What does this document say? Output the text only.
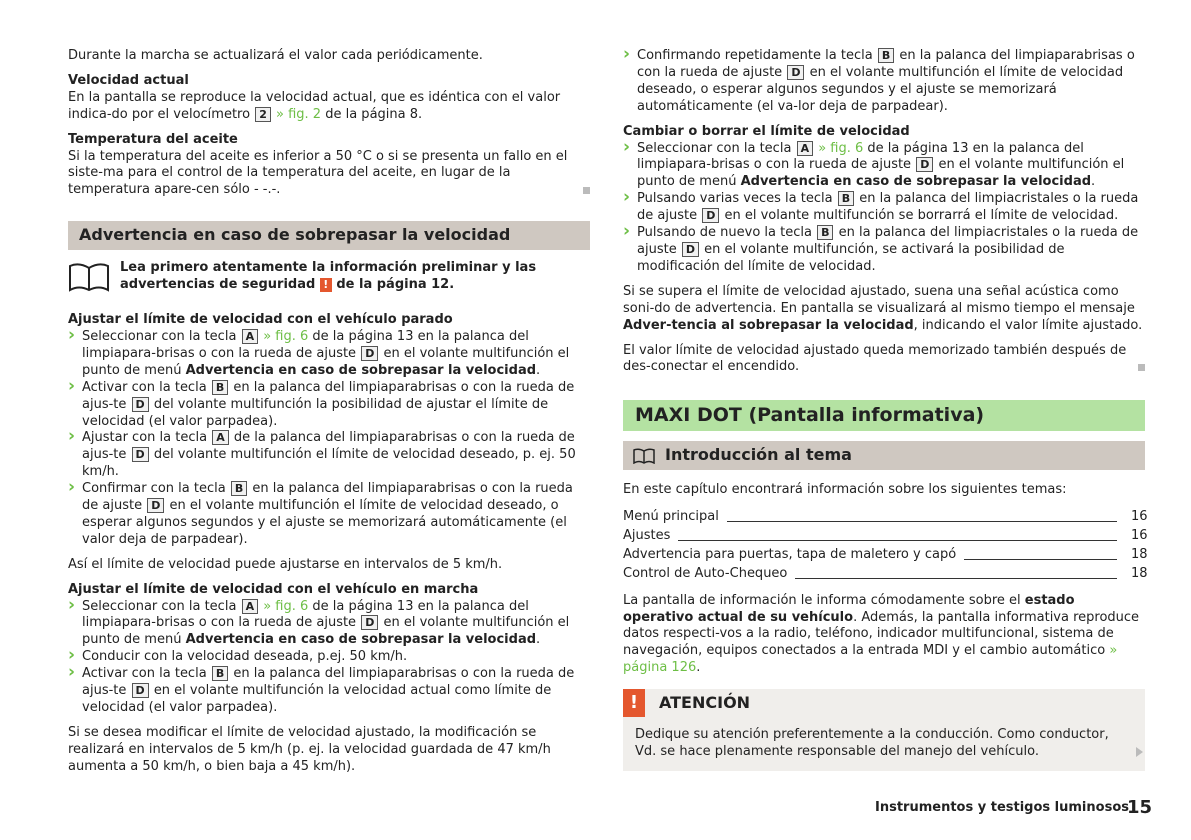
Durante la marcha se actualizará el valor cada periódicamente.

Velocidad actual

En la pantalla se reproduce la velocidad actual, que es idéntica con el valor indica-do por el velocímetro 2 » fig. 2 de la página 8.

Temperatura del aceite

Si la temperatura del aceite es inferior a 50 °C o si se presenta un fallo en el siste-ma para el control de la temperatura del aceite, en lugar de la temperatura apare-cen sólo - -.-.

Advertencia en caso de sobrepasar la velocidad
Lea primero atentamente la información preliminar y las advertencias de seguridad ! de la página 12.

Ajustar el límite de velocidad con el vehículo parado

› Seleccionar con la tecla A » fig. 6 de la página 13 en la palanca del limpiapara-brisas o con la rueda de ajuste D en el volante multifunción el punto de menú Advertencia en caso de sobrepasar la velocidad.
› Activar con la tecla B en la palanca del limpiaparabrisas o con la rueda de ajus-te D del volante multifunción la posibilidad de ajustar el límite de velocidad (el valor parpadea).
› Ajustar con la tecla A de la palanca del limpiaparabrisas o con la rueda de ajus-te D del volante multifunción el límite de velocidad deseado, p. ej. 50 km/h.
› Confirmar con la tecla B en la palanca del limpiaparabrisas o con la rueda de ajuste D en el volante multifunción el límite de velocidad deseado, o esperar algunos segundos y el ajuste se memorizará automáticamente (el valor deja de parpadear).

Así el límite de velocidad puede ajustarse en intervalos de 5 km/h.

Ajustar el límite de velocidad con el vehículo en marcha

› Seleccionar con la tecla A » fig. 6 de la página 13 en la palanca del limpiapara-brisas o con la rueda de ajuste D en el volante multifunción el punto de menú Advertencia en caso de sobrepasar la velocidad.
› Conducir con la velocidad deseada, p.ej. 50 km/h.
› Activar con la tecla B en la palanca del limpiaparabrisas o con la rueda de ajus-te D en el volante multifunción la velocidad actual como límite de velocidad (el valor parpadea).

Si se desea modificar el límite de velocidad ajustado, la modificación se realizará en intervalos de 5 km/h (p. ej. la velocidad guardada de 47 km/h aumenta a 50 km/h, o bien baja a 45 km/h).

› Confirmando repetidamente la tecla B en la palanca del limpiaparabrisas o con la rueda de ajuste D en el volante multifunción el límite de velocidad deseado, o esperar algunos segundos y el ajuste se memorizará automáticamente (el va-lor deja de parpadear).

Cambiar o borrar el límite de velocidad

› Seleccionar con la tecla A » fig. 6 de la página 13 en la palanca del limpiapara-brisas o con la rueda de ajuste D en el volante multifunción el punto de menú Advertencia en caso de sobrepasar la velocidad.
› Pulsando varias veces la tecla B en la palanca del limpiacristales o la rueda de ajuste D en el volante multifunción se borrarrá el límite de velocidad.
› Pulsando de nuevo la tecla B en la palanca del limpiacristales o la rueda de ajuste D en el volante multifunción, se activará la posibilidad de modificación del límite de velocidad.

Si se supera el límite de velocidad ajustado, suena una señal acústica como soni-do de advertencia. En pantalla se visualizará al mismo tiempo el mensaje Adver-tencia al sobrepasar la velocidad, indicando el valor límite ajustado.

El valor límite de velocidad ajustado queda memorizado también después de des-conectar el encendido.

MAXI DOT (Pantalla informativa)
Introducción al tema

En este capítulo encontrará información sobre los siguientes temas:

Menú principal	16
Ajustes	16
Advertencia para puertas, tapa de maletero y capó	18
Control de Auto-Chequeo	18

La pantalla de información le informa cómodamente sobre el estado operativo actual de su vehículo. Además, la pantalla informativa reproduce datos respecti-vos a la radio, teléfono, indicador multifuncional, sistema de navegación, equipos conectados a la entrada MDI y el cambio automático » página 126.

!	ATENCIÓN
Dedique su atención preferentemente a la conducción. Como conductor, Vd. se hace plenamente responsable del manejo del vehículo.
Instrumentos y testigos luminosos
15
